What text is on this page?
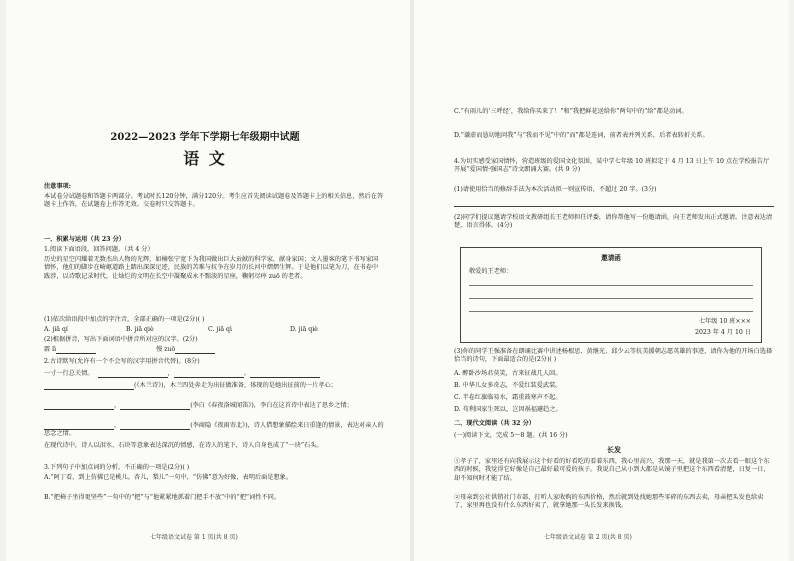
2022—2023 学年下学期七年级期中试题
语 文
注意事项:
本试卷分试题卷和答题卡两部分。考试时长120分钟，满分120分。考生应首先阅读试题卷及答题卡上的相关信息，然后在答题卡上作答，在试题卷上作答无效。交卷时只交答题卡。
一、积累与运用（共 23 分）
1.阅读下面语段，回答问题。（共 4 分）
历史的星空闪耀着无数杰出人物的光辉，如楠张宁宽下为我国做出巨大贡献的科学家，献身家国；文人墨客的笔下书写家国情怀，他们的脚步在崎岖道路上踏出深深足迹，民族的苦难与抗争在岁月的长河中熠熠生辉。于是他们以笔为刀，在书卷中跋涉，以诗歌记录时代，让灿烂的文明在长空中凝聚成永不黯淡的星座，鞠躬尽瘁 zuō 的老者。
(1)依次给语段中加点的字注音，全部正确的一项是(2分)( )
A. jiā qí	B. jiā qiè	C. jiā qì	D. jiā qiè
(2)根据拼音，写出下面词语中拼音所对应的汉字。(2分)
霹 lì	慢 zuō
2.古诗默写(允许有一个不会写的汉字用拼音代替)。(8分)
一寸一行总关情。	，	。
(《木兰诗》)，木兰四处奔走为出征做准备，体现的是她出征前的一片孝心；
，	(李白《春夜洛城闻笛》)，李白在这首诗中表达了思乡之情；
，	(李商隐《夜雨寄北》)，诗人借想象描绘来日重逢的情景，表达对亲人的思念之情。
在现代诗中，诗人以泪水、石块等意象表达深沉的情感，在诗人的笔下，诗人自身也成了“一块”石头。
3.下列句子中加点词的分析，不正确的一项是(2分)( )
A.“阿丁看，到上仿佛已是桃儿，杏儿，梨儿”一句中，“仿佛”意为好像，表明后面是想象。
B.“把椅子坐得更坚些”一句中的“把”与“他紧紧地抓着门把手不放”中的“把”词性不同。
七年级语文试卷 第 1 页(共 8 页)
C.“有雨儿的‘三呼经’，我给你买来了！”和“我把鲜花送给你”两句中的“给”都是动词。
D.“谦虚而恳切地问我”与“我而不见”中的“而”都是连词，前者表并列关系，后者表转折关系。
4.为切实感受家国情怀，营造班级的爱国文化氛围，某中学七年级 10 班拟定于 4 月 13 日上午 10 点在学校报告厅开展“爱国情·强国志”诗文朗诵大赛。(共 9 分)
(1)请使用恰当的修辞手法为本次活动拟一则宣传语，不超过 20 字。(3分)
(2)同学们提议邀请学校语文教研组长王老师担任评委，请你帮他写一份邀请函，向王老师发出正式邀请。注意表达清楚，语言得体。(4分)
邀请函
敬爱的王老师：
七年级 10 班×××
2023 年 4 月 10 日
(3)你的同学王强准备在朗诵比赛中讲述杨根思、黄继光、邱少云等抗美援朝志愿英雄的事迹，请你为他的开场白选择恰当的诗句，下面最适合的是(2分)( )
A. 醉卧沙场君莫笑，古来征战几人回。
B. 中华儿女多奇志，不爱红装爱武装。
C. 半卷红旗临易水，霜重鼓寒声不起。
D. 苟利国家生死以，岂因祸福避趋之。
二、现代文阅读（共 32 分）
(一)阅读下文，完成 5～8 题。(共 16 分)
长发
①孝子了，家里还有向我展示这个好看的好看吃的看着东西，我心里高兴，我那一天，就是我第一次去看一眼这个东西的时候，我觉得它好像是自己最好最可爱的孩子。我说自己从小到大都是从镜子里把这个东西看清楚，日复一日，却不知何时才能了结。
②母亲到公社供销社门市部，打听人家收购的东西价格，然后就到处找她那些零碎的东西去卖，母亲把头发也给卖了，家里再也没有什么东西好卖了，就拿她那一头长发来换钱。
七年级语文试卷 第 2 页(共 8 页)
